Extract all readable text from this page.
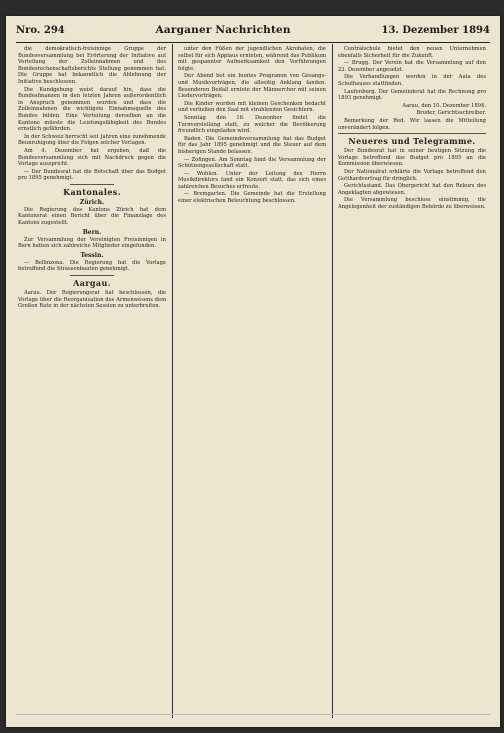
Nro. 294	Aarganer Nachrichten	13. Dezember 1894

die demokratisch-freisinnige Gruppe der Bundesversammlung bei Erörterung der Initiative auf Verteilung der Zolleinnahmen und des Bundesrechenschaftsberichts Stellung genommen hat. Die Gruppe hat bekanntlich die Ablehnung der Initiative beschlossen.

Die Kundgebung weist darauf hin, dass die Bundesfinanzen in den letzten Jahren außerordentlich in Anspruch genommen wurden und dass die Zolleinnahmen die wichtigste Einnahmequelle des Bundes bilden. Eine Verteilung derselben an die Kantone müsste die Leistungsfähigkeit des Bundes ernstlich gefährden.

In der Schweiz herrscht seit Jahren eine zunehmende Beunruhigung über die Folgen solcher Vorlagen.

Am 4. Dezember hat ergeben, daß die Bundesversammlung sich mit Nachdruck gegen die Vorlage ausspricht.

— Der Bundesrat hat die Botschaft über das Budget pro 1895 genehmigt.

Kantonales.
Zürich.

Die Regierung des Kantons Zürich hat dem Kantonsrat einen Bericht über die Finanzlage des Kantons zugestellt.

Bern.

Zur Versammlung der Vereinigten Freisinnigen in Bern hatten sich zahlreiche Mitglieder eingefunden.

Tessin.

— Bellinzona. Die Regierung hat die Vorlage betreffend die Strassenbauten genehmigt.

Aargau.

Aarau. Der Regierungsrat hat beschlossen, die Vorlage über die Reorganisation des Armenwesens dem Großen Rate in der nächsten Session zu unterbreiten.

unter den Füßen der jugendlichen Akrobaten, die selbst für sich Applaus ernteten, während das Publikum mit gespannter Aufmerksamkeit den Vorführungen folgte.

Der Abend bot ein buntes Programm von Gesangs- und Musikvorträgen, die allseitig Anklang fanden. Besonderen Beifall erntete der Männerchor mit seinen Liedervorträgen.

Die Kinder wurden mit kleinen Geschenken bedacht und verließen den Saal mit strahlenden Gesichtern.

Sonntag den 16. Dezember findet die Turnvorstellung statt, zu welcher die Bevölkerung freundlich eingeladen wird.

Baden. Die Gemeindeversammlung hat das Budget für das Jahr 1895 genehmigt und die Steuer auf dem bisherigen Stande belassen.

— Zofingen. Am Sonntag fand die Versammlung der Schützengesellschaft statt.

— Wohlen. Unter der Leitung des Herrn Musikdirektors fand ein Konzert statt, das sich eines zahlreichen Besuches erfreute.

— Bremgarten. Die Gemeinde hat die Erstellung einer elektrischen Beleuchtung beschlossen.

Centralschule bietet den neuen Unternehmen ebenfalls Sicherheit für die Zukunft.

— Brugg. Der Verein hat die Versammlung auf den 22. Dezember angesetzt.

Die Verhandlungen werden in der Aula des Schulhauses stattfinden.

Laufenburg. Der Gemeinderat hat die Rechnung pro 1893 genehmigt.

Aarau, den 10. Dezember 1894.

Bruder, Gerichtsschreiber.

Bemerkung der Red. Wir lassen die Mitteilung unverändert folgen.

Neueres und Telegramme.

Der Bundesrat hat in seiner heutigen Sitzung die Vorlage betreffend das Budget pro 1895 an die Kommission überwiesen.

Der Nationalrat erklärte die Vorlage betreffend den Gotthardvertrag für dringlich.

Gerichtsstand. Das Obergericht hat den Rekurs des Angeklagten abgewiesen.

Die Versammlung beschloss einstimmig, die Angelegenheit der zuständigen Behörde zu überweisen.
